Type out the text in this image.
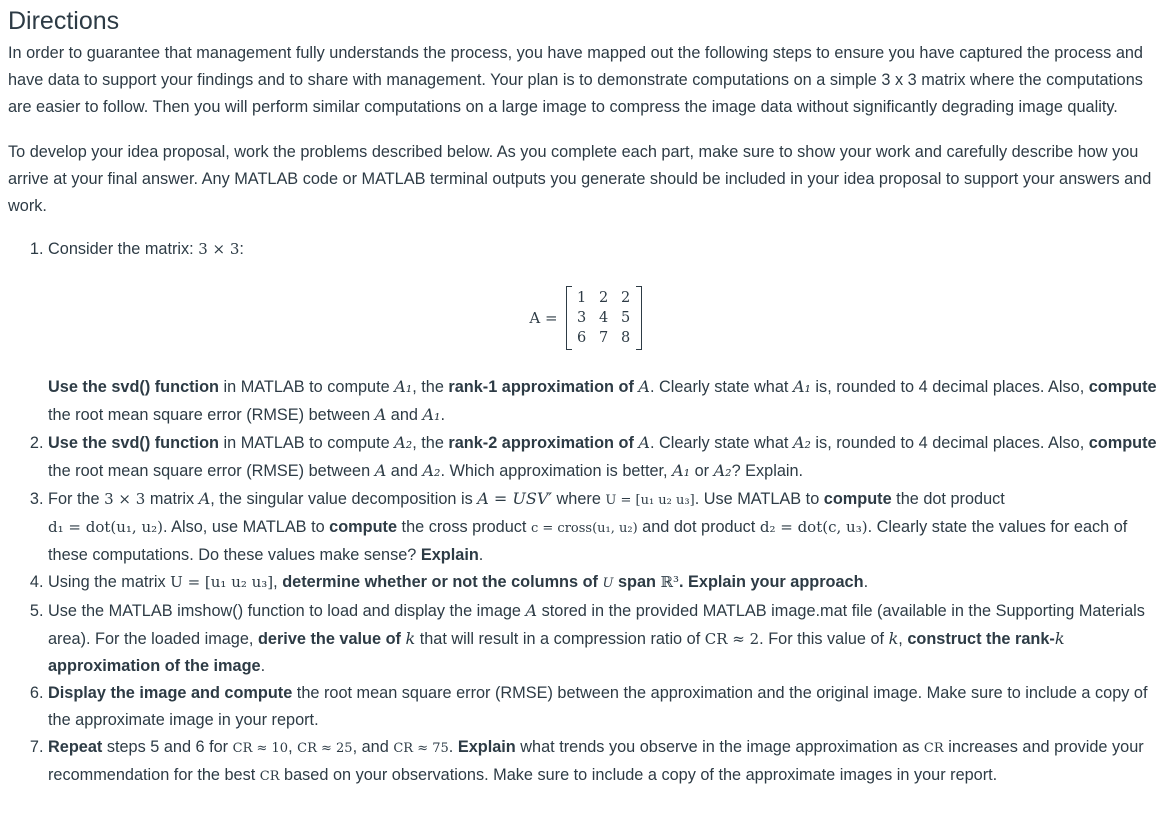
Directions

In order to guarantee that management fully understands the process, you have mapped out the following steps to ensure you have captured the process and have data to support your findings and to share with management. Your plan is to demonstrate computations on a simple 3 x 3 matrix where the computations are easier to follow. Then you will perform similar computations on a large image to compress the image data without significantly degrading image quality.

To develop your idea proposal, work the problems described below. As you complete each part, make sure to show your work and carefully describe how you arrive at your final answer. Any MATLAB code or MATLAB terminal outputs you generate should be included in your idea proposal to support your answers and work.

1. Consider the matrix: 3 × 3:
A =
1 2 2
3 4 5
6 7 8
Use the svd() function in MATLAB to compute A₁, the rank-1 approximation of A. Clearly state what A₁ is, rounded to 4 decimal places. Also, compute the root mean square error (RMSE) between A and A₁.
2. Use the svd() function in MATLAB to compute A₂, the rank-2 approximation of A. Clearly state what A₂ is, rounded to 4 decimal places. Also, compute the root mean square error (RMSE) between A and A₂. Which approximation is better, A₁ or A₂? Explain.
3. For the 3 × 3 matrix A, the singular value decomposition is A = USV′ where U = [u₁ u₂ u₃]. Use MATLAB to compute the dot product
d₁ = dot(u₁, u₂). Also, use MATLAB to compute the cross product c = cross(u₁, u₂) and dot product d₂ = dot(c, u₃). Clearly state the values for each of these computations. Do these values make sense? Explain.
4. Using the matrix U = [u₁ u₂ u₃], determine whether or not the columns of U span ℝ³. Explain your approach.
5. Use the MATLAB imshow() function to load and display the image A stored in the provided MATLAB image.mat file (available in the Supporting Materials area). For the loaded image, derive the value of k that will result in a compression ratio of CR ≈ 2. For this value of k, construct the rank-k approximation of the image.
6. Display the image and compute the root mean square error (RMSE) between the approximation and the original image. Make sure to include a copy of the approximate image in your report.
7. Repeat steps 5 and 6 for CR ≈ 10, CR ≈ 25, and CR ≈ 75. Explain what trends you observe in the image approximation as CR increases and provide your recommendation for the best CR based on your observations. Make sure to include a copy of the approximate images in your report.
